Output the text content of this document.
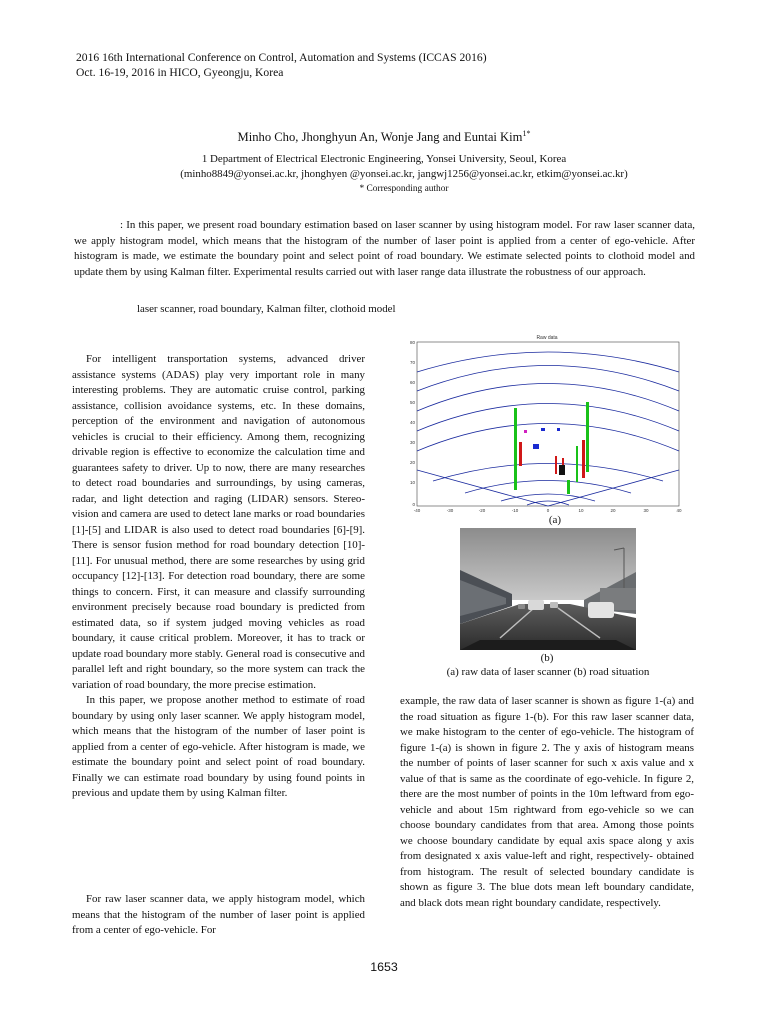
2016 16th International Conference on Control, Automation and Systems (ICCAS 2016)
Oct. 16-19, 2016 in HICO, Gyeongju, Korea
Minho Cho, Jhonghyun An, Wonje Jang and Euntai Kim$^{1*}$
1 Department of Electrical Electronic Engineering, Yonsei University, Seoul, Korea
(minho8849@yonsei.ac.kr, jhonghyen @yonsei.ac.kr, jangwj1256@yonsei.ac.kr, etkim@yonsei.ac.kr)
* Corresponding author
: In this paper, we present road boundary estimation based on laser scanner by using histogram model. For raw laser scanner data, we apply histogram model, which means that the histogram of the number of laser point is applied from a center of ego-vehicle. After histogram is made, we estimate the boundary point and select point of road boundary. We estimate selected points to clothoid model and update them by using Kalman filter. Experimental results carried out with laser range data illustrate the robustness of our approach.
laser scanner, road boundary, Kalman filter, clothoid model

For intelligent transportation systems, advanced driver assistance systems (ADAS) play very important role in many interesting problems. They are automatic cruise control, parking assistance, collision avoidance systems, etc. In these domains, perception of the environment and navigation of autonomous vehicles is crucial to their efficiency. Among them, recognizing drivable region is effective to economize the calculation time and guarantees safety to driver. Up to now, there are many researches to detect road boundaries and surroundings, by using cameras, radar, and light detection and raging (LIDAR) sensors. Stereo-vision and camera are used to detect lane marks or road boundaries [1]-[5] and LIDAR is also used to detect road boundaries [6]-[9]. There is sensor fusion method for road boundary detection [10]-[11]. For unusual method, there are some researches by using grid occupancy [12]-[13]. For detection road boundary, there are some things to concern. First, it can measure and classify surrounding environment precisely because road boundary is predicted from estimated data, so if system judged moving vehicles as road boundary, it cause critical problem. Moreover, it has to track or update road boundary more stably. General road is consecutive and parallel left and right boundary, so the more system can track the variation of road boundary, the more precise estimation.

In this paper, we propose another method to estimate of road boundary by using only laser scanner. We apply histogram model, which means that the histogram of the number of laser point is applied from a center of ego-vehicle. After histogram is made, we estimate the boundary point and select point of road boundary. Finally we can estimate road boundary by using found points in previous and update them by using Kalman filter.

For raw laser scanner data, we apply histogram model, which means that the histogram of the number of laser point is applied from a center of ego-vehicle. For

Raw data
80
70
60
50
40
30
20
10
0
-40	-30	-20	-10	0	10	20	30	40
(a)
(b)
(a) raw data of laser scanner (b) road situation

example, the raw data of laser scanner is shown as figure 1-(a) and the road situation as figure 1-(b). For this raw laser scanner data, we make histogram to the center of ego-vehicle. The histogram of figure 1-(a) is shown in figure 2. The y axis of histogram means the number of points of laser scanner for such x axis value and x value of that is same as the coordinate of ego-vehicle. In figure 2, there are the most number of points in the 10m leftward from ego-vehicle and about 15m rightward from ego-vehicle so we can choose boundary candidates from that area. Among those points we choose boundary candidate by equal axis space along y axis from designated x axis value-left and right, respectively- obtained from histogram. The result of selected boundary candidate is shown as figure 3. The blue dots mean left boundary candidate, and black dots mean right boundary candidate, respectively.

1653
